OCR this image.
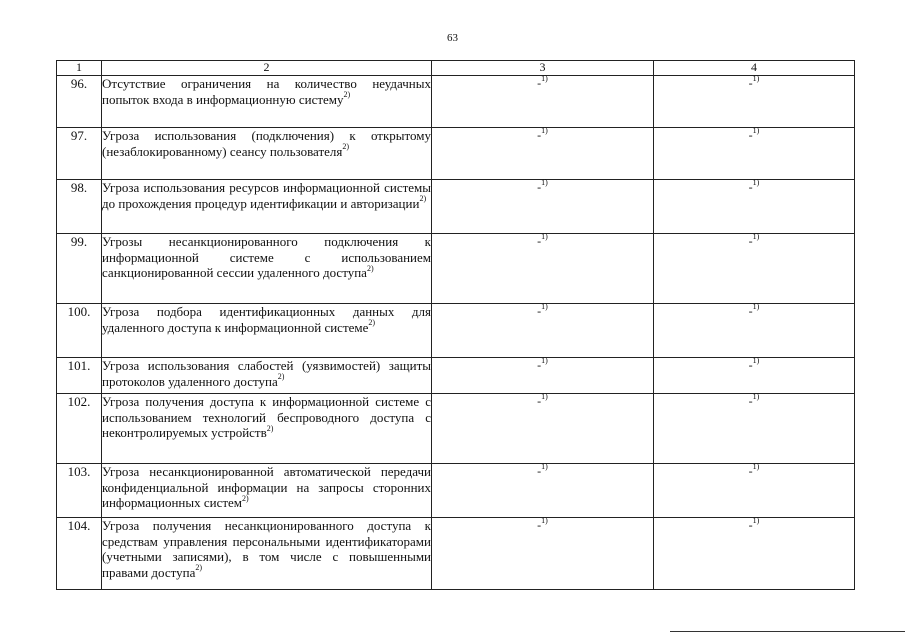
63
1	2	3	4
96.	Отсутствие ограничения на количество неудачных попыток входа в информационную систему$^{2)}$	-$^{1)}$	-$^{1)}$
97.	Угроза использования (подключения) к открытому (незаблокированному) сеансу пользователя$^{2)}$	-$^{1)}$	-$^{1)}$
98.	Угроза использования ресурсов информационной системы до прохождения процедур идентификации и авторизации$^{2)}$	-$^{1)}$	-$^{1)}$
99.	Угрозы несанкционированного подключения к информационной системе с использованием санкционированной сессии удаленного доступа$^{2)}$	-$^{1)}$	-$^{1)}$
100.	Угроза подбора идентификационных данных для удаленного доступа к информационной системе$^{2)}$	-$^{1)}$	-$^{1)}$
101.	Угроза использования слабостей (уязвимостей) защиты протоколов удаленного доступа$^{2)}$	-$^{1)}$	-$^{1)}$
102.	Угроза получения доступа к информационной системе с использованием технологий беспроводного доступа с неконтролируемых устройств$^{2)}$	-$^{1)}$	-$^{1)}$
103.	Угроза несанкционированной автоматической передачи конфиденциальной информации на запросы сторонних информационных систем$^{2)}$	-$^{1)}$	-$^{1)}$
104.	Угроза получения несанкционированного доступа к средствам управления персональными идентификаторами (учетными записями), в том числе с повышенными правами доступа$^{2)}$	-$^{1)}$	-$^{1)}$
